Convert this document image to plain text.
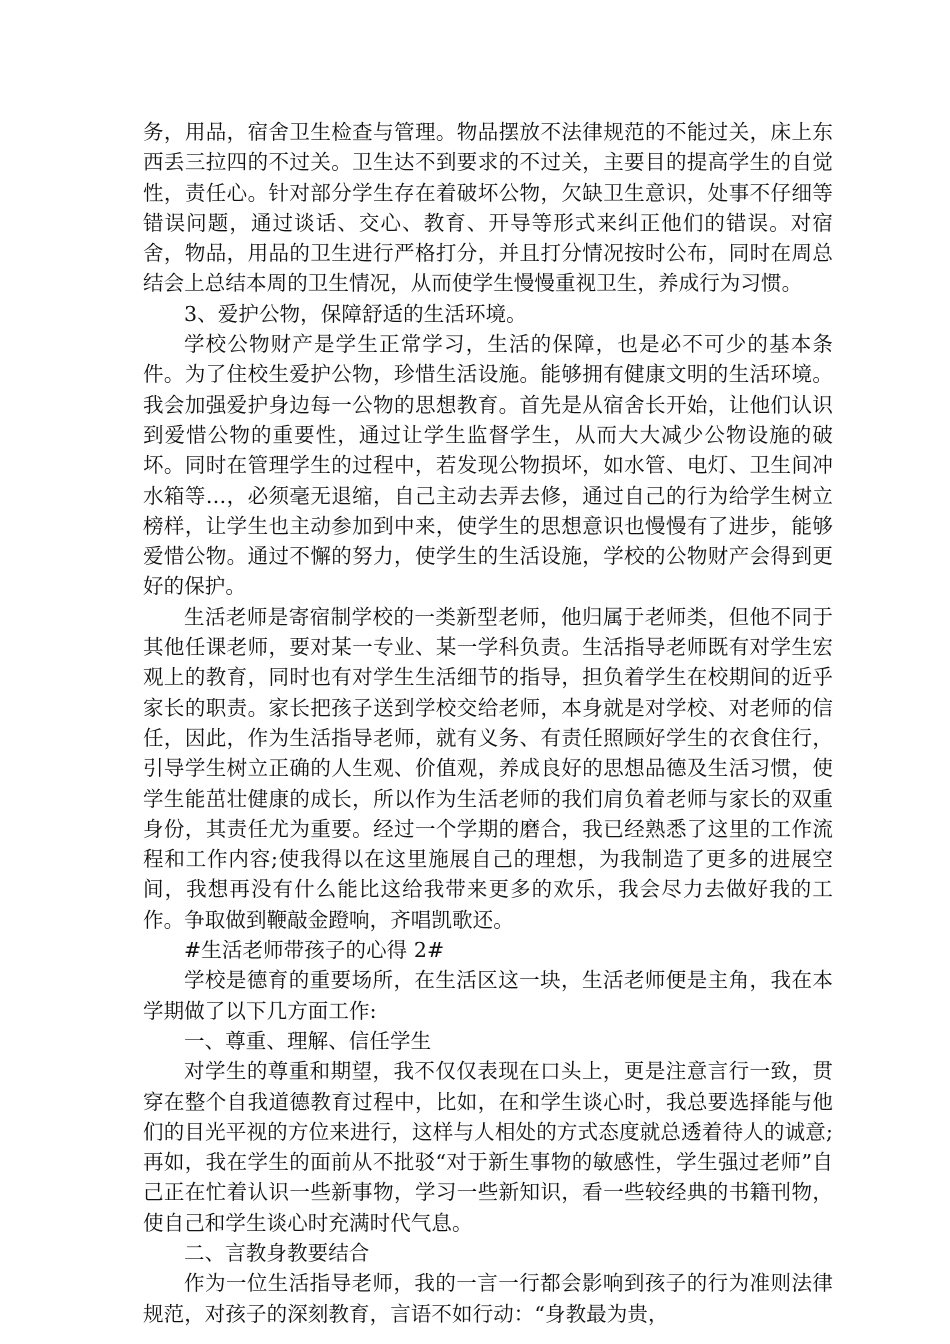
务，用品，宿舍卫生检查与管理。物品摆放不法律规范的不能过关，床上东西丢三拉四的不过关。卫生达不到要求的不过关，主要目的提高学生的自觉性，责任心。针对部分学生存在着破坏公物，欠缺卫生意识，处事不仔细等错误问题，通过谈话、交心、教育、开导等形式来纠正他们的错误。对宿舍，物品，用品的卫生进行严格打分，并且打分情况按时公布，同时在周总结会上总结本周的卫生情况，从而使学生慢慢重视卫生，养成行为习惯。

3、爱护公物，保障舒适的生活环境。

学校公物财产是学生正常学习，生活的保障，也是必不可少的基本条件。为了住校生爱护公物，珍惜生活设施。能够拥有健康文明的生活环境。我会加强爱护身边每一公物的思想教育。首先是从宿舍长开始，让他们认识到爱惜公物的重要性，通过让学生监督学生，从而大大减少公物设施的破坏。同时在管理学生的过程中，若发现公物损坏，如水管、电灯、卫生间冲水箱等…，必须毫无退缩，自己主动去弄去修，通过自己的行为给学生树立榜样，让学生也主动参加到中来，使学生的思想意识也慢慢有了进步，能够爱惜公物。通过不懈的努力，使学生的生活设施，学校的公物财产会得到更好的保护。

生活老师是寄宿制学校的一类新型老师，他归属于老师类，但他不同于其他任课老师，要对某一专业、某一学科负责。生活指导老师既有对学生宏观上的教育，同时也有对学生生活细节的指导，担负着学生在校期间的近乎家长的职责。家长把孩子送到学校交给老师，本身就是对学校、对老师的信任，因此，作为生活指导老师，就有义务、有责任照顾好学生的衣食住行，引导学生树立正确的人生观、价值观，养成良好的思想品德及生活习惯，使学生能茁壮健康的成长，所以作为生活老师的我们肩负着老师与家长的双重身份，其责任尤为重要。经过一个学期的磨合，我已经熟悉了这里的工作流程和工作内容;使我得以在这里施展自己的理想，为我制造了更多的进展空间，我想再没有什么能比这给我带来更多的欢乐，我会尽力去做好我的工作。争取做到鞭敲金蹬响，齐唱凯歌还。

#生活老师带孩子的心得 2#

学校是德育的重要场所，在生活区这一块，生活老师便是主角，我在本学期做了以下几方面工作:

一、尊重、理解、信任学生

对学生的尊重和期望，我不仅仅表现在口头上，更是注意言行一致，贯穿在整个自我道德教育过程中，比如，在和学生谈心时，我总要选择能与他们的目光平视的方位来进行，这样与人相处的方式态度就总透着待人的诚意;再如，我在学生的面前从不批驳“对于新生事物的敏感性，学生强过老师”自己正在忙着认识一些新事物，学习一些新知识，看一些较经典的书籍刊物，使自己和学生谈心时充满时代气息。

二、言教身教要结合

作为一位生活指导老师，我的一言一行都会影响到孩子的行为准则法律规范，对孩子的深刻教育，言语不如行动：“身教最为贵，
